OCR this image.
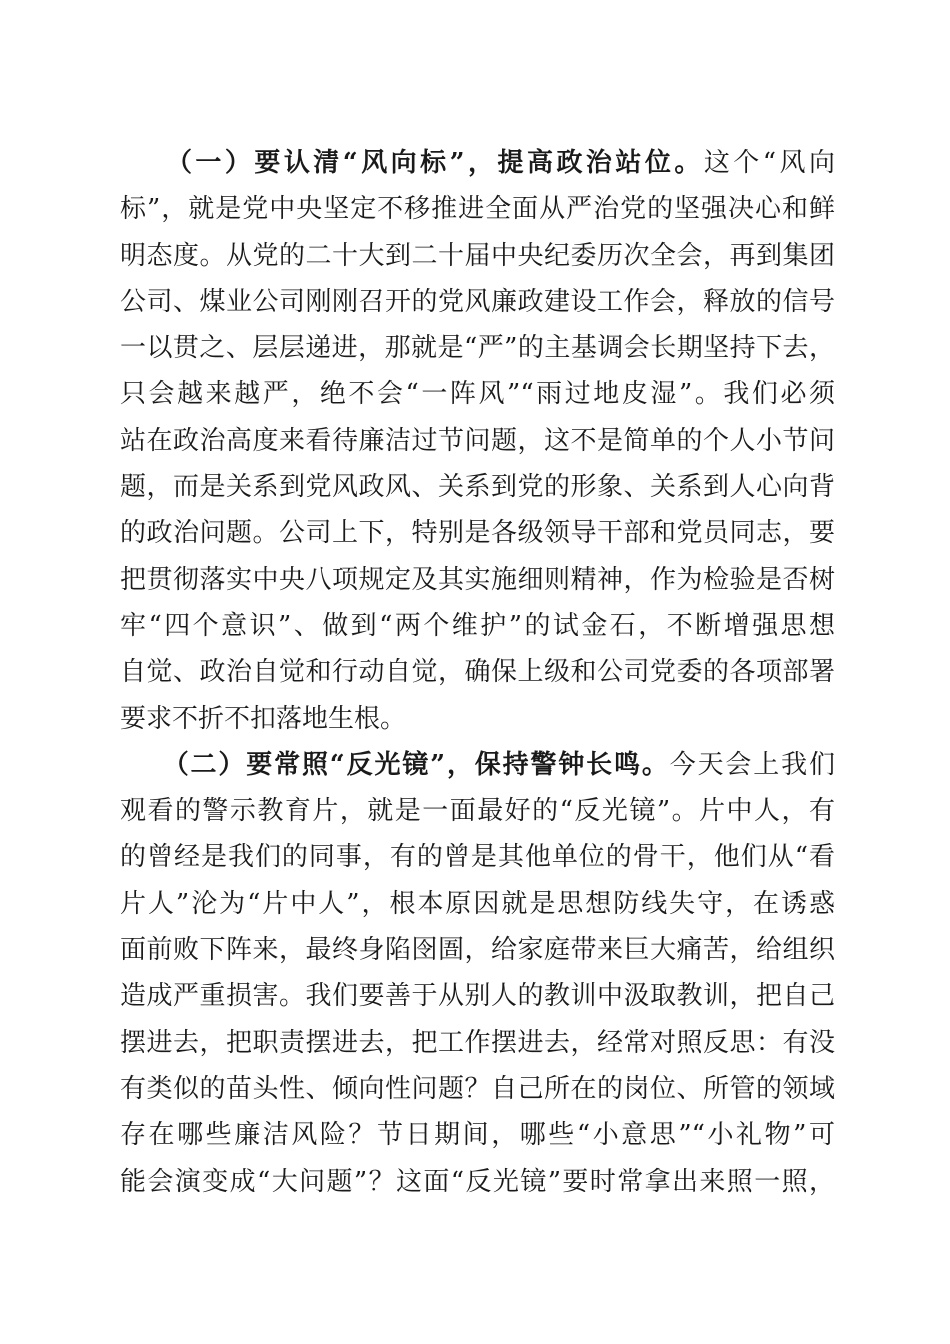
　　（一）要认清“风向标”，提高政治站位。这个“风向
标”，就是党中央坚定不移推进全面从严治党的坚强决心和鲜
明态度。从党的二十大到二十届中央纪委历次全会，再到集团
公司、煤业公司刚刚召开的党风廉政建设工作会，释放的信号
一以贯之、层层递进，那就是“严”的主基调会长期坚持下去，
只会越来越严，绝不会“一阵风”“雨过地皮湿”。我们必须
站在政治高度来看待廉洁过节问题，这不是简单的个人小节问
题，而是关系到党风政风、关系到党的形象、关系到人心向背
的政治问题。公司上下，特别是各级领导干部和党员同志，要
把贯彻落实中央八项规定及其实施细则精神，作为检验是否树
牢“四个意识”、做到“两个维护”的试金石，不断增强思想
自觉、政治自觉和行动自觉，确保上级和公司党委的各项部署
要求不折不扣落地生根。
　　（二）要常照“反光镜”，保持警钟长鸣。今天会上我们
观看的警示教育片，就是一面最好的“反光镜”。片中人，有
的曾经是我们的同事，有的曾是其他单位的骨干，他们从“看
片人”沦为“片中人”，根本原因就是思想防线失守，在诱惑
面前败下阵来，最终身陷囹圄，给家庭带来巨大痛苦，给组织
造成严重损害。我们要善于从别人的教训中汲取教训，把自己
摆进去，把职责摆进去，把工作摆进去，经常对照反思：有没
有类似的苗头性、倾向性问题？自己所在的岗位、所管的领域
存在哪些廉洁风险？节日期间，哪些“小意思”“小礼物”可
能会演变成“大问题”？这面“反光镜”要时常拿出来照一照，
